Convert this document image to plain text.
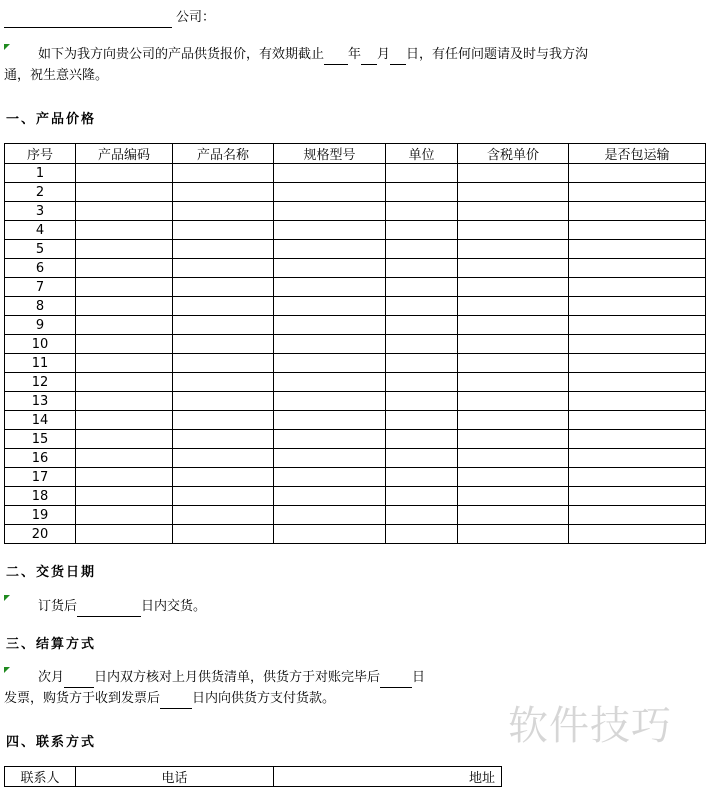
公司：
如下为我方向贵公司的产品供货报价，有效期截止 年 月 日，有任何问题请及时与我方沟
通，祝生意兴隆。
一、产品价格
序号	产品编码	产品名称	规格型号	单位	含税单价	是否包运输
1						
2						
3						
4						
5						
6						
7						
8						
9						
10						
11						
12						
13						
14						
15						
16						
17						
18						
19						
20						
二、交货日期
订货后	日内交货。
三、结算方式
次月 日内双方核对上月供货清单，供货方于对账完毕后 日
发票，购货方于收到发票后 日内向供货方支付货款。
四、联系方式
联系人	电话	地址
软件技巧
